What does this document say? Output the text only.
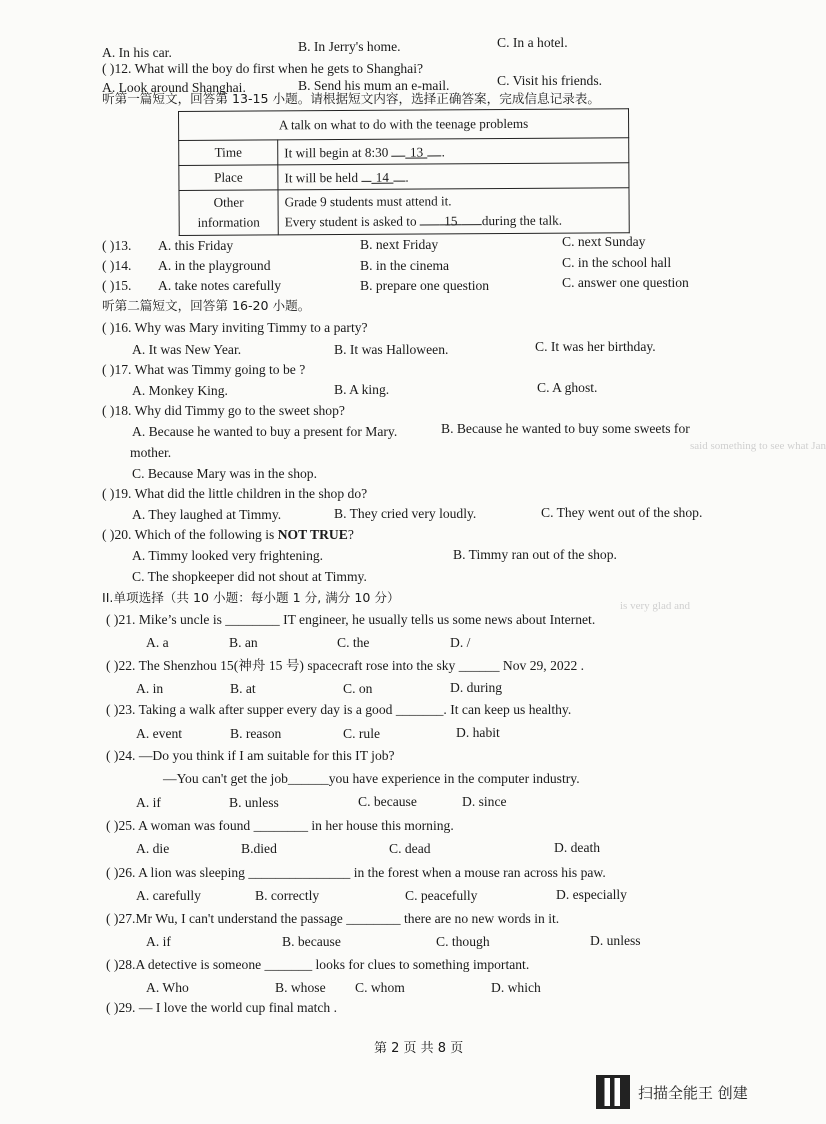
said something to see what Jan
is very glad and
A. In his car.	B. In Jerry's home.	C. In a hotel.
( )12. What will the boy do first when he gets to Shanghai?
A. Look around Shanghai.	B. Send his mum an e-mail.	C. Visit his friends.
听第一篇短文，回答第 13-15 小题。请根据短文内容，选择正确答案，完成信息记录表。
A talk on what to do with the teenage problems	
Time	It will begin at 8:30 13 .
Place	It will be held 14 .
Other information	Grade 9 students must attend it.
Every student is asked to 15 during the talk.
( )13. A. this Friday	B. next Friday	C. next Sunday
( )14. A. in the playground	B. in the cinema	C. in the school hall
( )15. A. take notes carefully	B. prepare one question	C. answer one question
听第二篇短文，回答第 16-20 小题。
( )16. Why was Mary inviting Timmy to a party?
A. It was New Year.	B. It was Halloween.	C. It was her birthday.
( )17. What was Timmy going to be ?
A. Monkey King.	B. A king.	C. A ghost.
( )18. Why did Timmy go to the sweet shop?
A. Because he wanted to buy a present for Mary.	B. Because he wanted to buy some sweets for
mother.
C. Because Mary was in the shop.
( )19. What did the little children in the shop do?
A. They laughed at Timmy.	B. They cried very loudly.	C. They went out of the shop.
( )20. Which of the following is NOT TRUE?
A. Timmy looked very frightening.	B. Timmy ran out of the shop.
C. The shopkeeper did not shout at Timmy.
II.单项选择（共 10 小题：每小题 1 分, 满分 10 分）
( )21. Mike’s uncle is ________ IT engineer, he usually tells us some news about Internet.
A. a	B. an	C. the	D. /
( )22. The Shenzhou 15(神舟 15 号) spacecraft rose into the sky ______ Nov 29, 2022 .
A. in	B. at	C. on	D. during
( )23. Taking a walk after supper every day is a good _______. It can keep us healthy.
A. event	B. reason	C. rule	D. habit
( )24. —Do you think if I am suitable for this IT job?
—You can't get the job______you have experience in the computer industry.
A. if	B. unless	C. because	D. since
( )25. A woman was found ________ in her house this morning.
A. die	B.died	C. dead	D. death
( )26. A lion was sleeping _______________ in the forest when a mouse ran across his paw.
A. carefully	B. correctly	C. peacefully	D. especially
( )27.Mr Wu, I can't understand the passage ________ there are no new words in it.
A. if	B. because	C. though	D. unless
( )28.A detective is someone _______ looks for clues to something important.
A. Who	B. whose C. whom	D. which
( )29. — I love the world cup final match .
第 2 页 共 8 页
扫描全能王 创建
